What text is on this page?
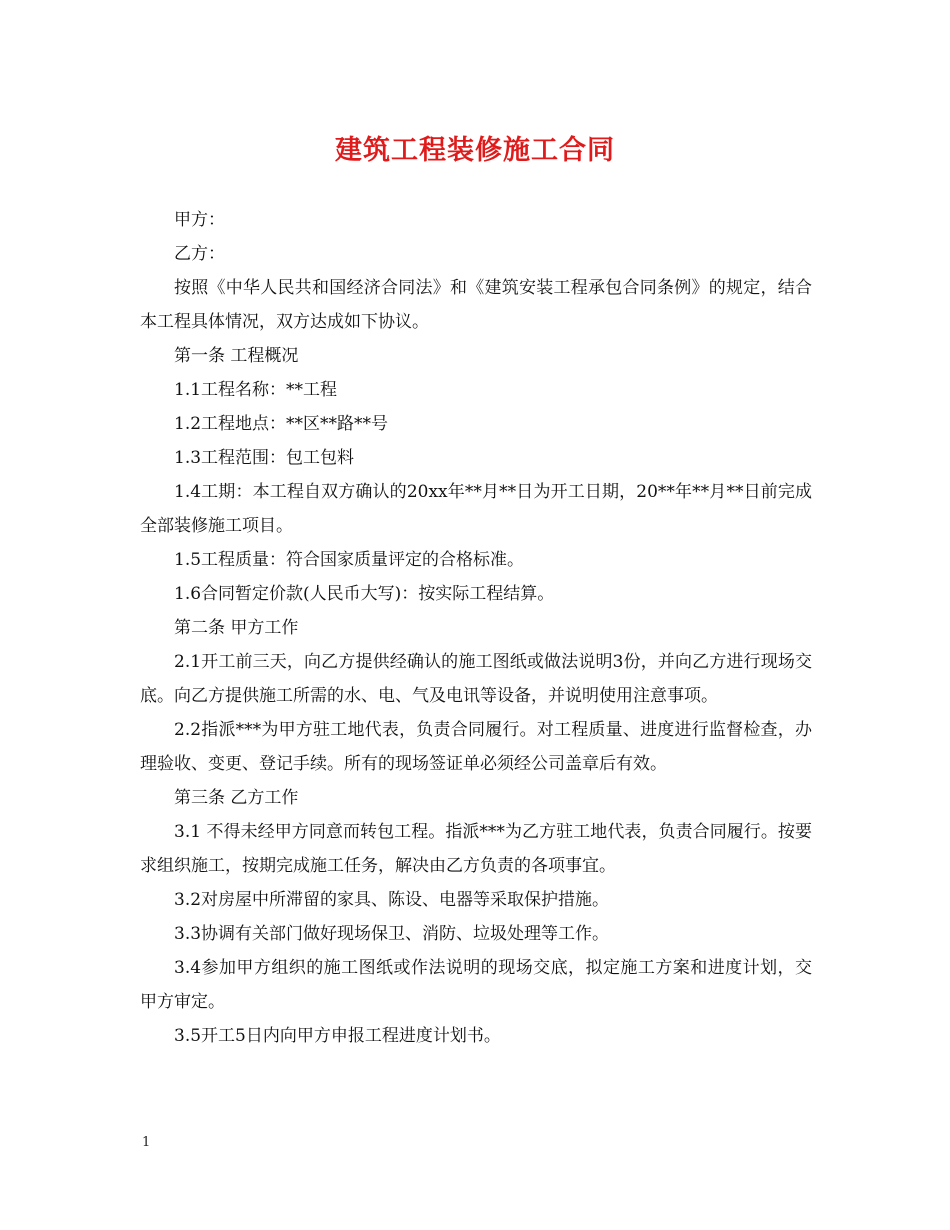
建筑工程装修施工合同

甲方：

乙方：

按照《中华人民共和国经济合同法》和《建筑安装工程承包合同条例》的规定，结合本工程具体情况，双方达成如下协议。

第一条 工程概况

1.1工程名称：**工程

1.2工程地点：**区**路**号

1.3工程范围：包工包料

1.4工期：本工程自双方确认的20xx年**月**日为开工日期，20**年**月**日前完成全部装修施工项目。

1.5工程质量：符合国家质量评定的合格标准。

1.6合同暂定价款(人民币大写)：按实际工程结算。

第二条 甲方工作

2.1开工前三天，向乙方提供经确认的施工图纸或做法说明3份，并向乙方进行现场交底。向乙方提供施工所需的水、电、气及电讯等设备，并说明使用注意事项。

2.2指派***为甲方驻工地代表，负责合同履行。对工程质量、进度进行监督检查，办理验收、变更、登记手续。所有的现场签证单必须经公司盖章后有效。

第三条 乙方工作

3.1 不得未经甲方同意而转包工程。指派***为乙方驻工地代表，负责合同履行。按要求组织施工，按期完成施工任务，解决由乙方负责的各项事宜。

3.2对房屋中所滞留的家具、陈设、电器等采取保护措施。

3.3协调有关部门做好现场保卫、消防、垃圾处理等工作。

3.4参加甲方组织的施工图纸或作法说明的现场交底，拟定施工方案和进度计划，交甲方审定。

3.5开工5日内向甲方申报工程进度计划书。

1
